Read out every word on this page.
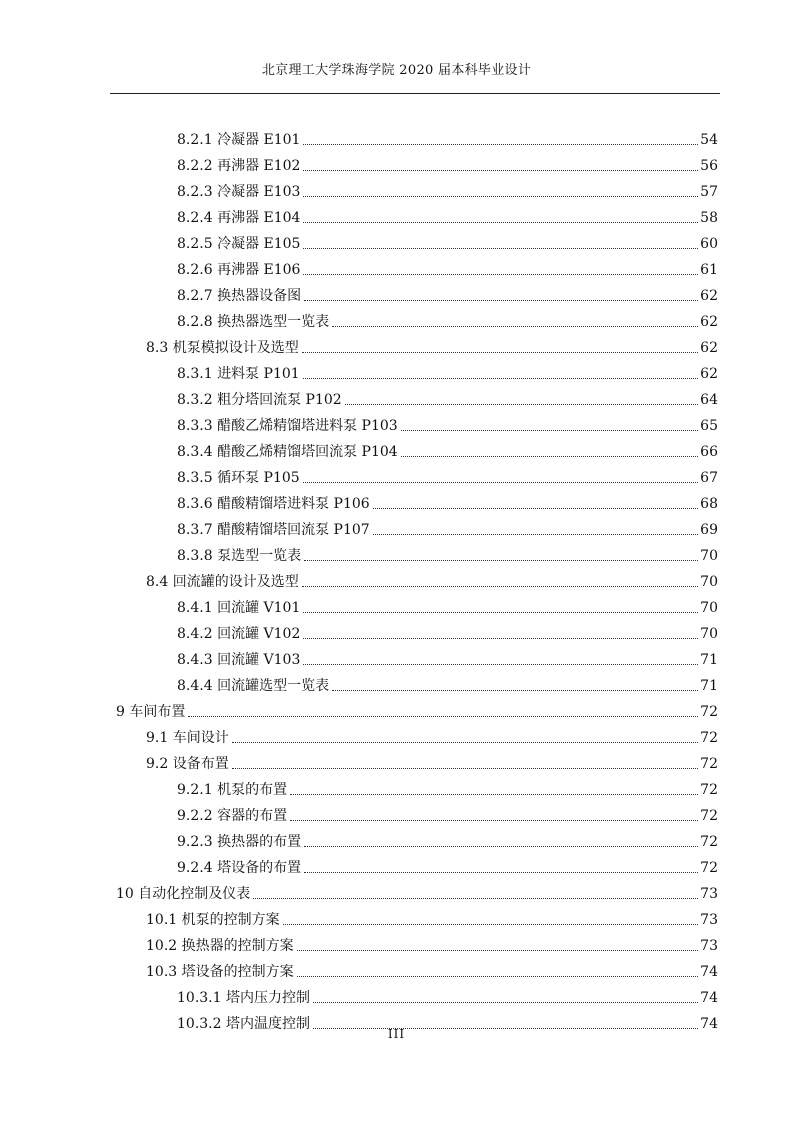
北京理工大学珠海学院 2020 届本科毕业设计
8.2.1 冷凝器 E101	54
8.2.2 再沸器 E102	56
8.2.3 冷凝器 E103	57
8.2.4 再沸器 E104	58
8.2.5 冷凝器 E105	60
8.2.6 再沸器 E106	61
8.2.7 换热器设备图	62
8.2.8 换热器选型一览表	62
8.3 机泵模拟设计及选型	62
8.3.1 进料泵 P101	62
8.3.2 粗分塔回流泵 P102	64
8.3.3 醋酸乙烯精馏塔进料泵 P103	65
8.3.4 醋酸乙烯精馏塔回流泵 P104	66
8.3.5 循环泵 P105	67
8.3.6 醋酸精馏塔进料泵 P106	68
8.3.7 醋酸精馏塔回流泵 P107	69
8.3.8 泵选型一览表	70
8.4 回流罐的设计及选型	70
8.4.1 回流罐 V101	70
8.4.2 回流罐 V102	70
8.4.3 回流罐 V103	71
8.4.4 回流罐选型一览表	71
9 车间布置	72
9.1 车间设计	72
9.2 设备布置	72
9.2.1 机泵的布置	72
9.2.2 容器的布置	72
9.2.3 换热器的布置	72
9.2.4 塔设备的布置	72
10 自动化控制及仪表	73
10.1 机泵的控制方案	73
10.2 换热器的控制方案	73
10.3 塔设备的控制方案	74
10.3.1 塔内压力控制	74
10.3.2 塔内温度控制	74
III
